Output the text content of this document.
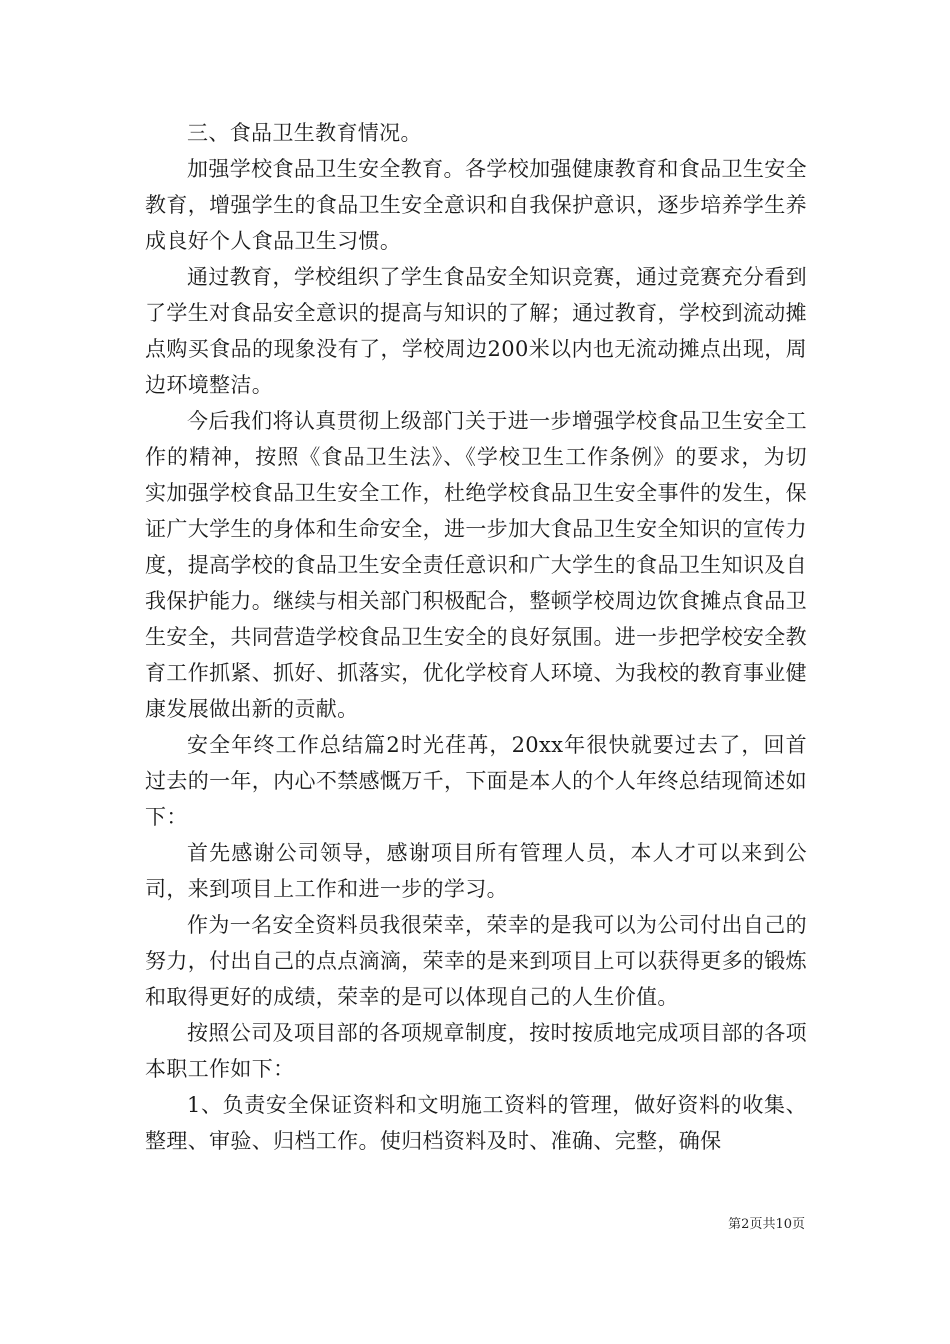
三、食品卫生教育情况。

加强学校食品卫生安全教育。各学校加强健康教育和食品卫生安全教育，增强学生的食品卫生安全意识和自我保护意识，逐步培养学生养成良好个人食品卫生习惯。

通过教育，学校组织了学生食品安全知识竞赛，通过竞赛充分看到了学生对食品安全意识的提高与知识的了解；通过教育，学校到流动摊点购买食品的现象没有了，学校周边200米以内也无流动摊点出现，周边环境整洁。

今后我们将认真贯彻上级部门关于进一步增强学校食品卫生安全工作的精神，按照《食品卫生法》、《学校卫生工作条例》的要求，为切实加强学校食品卫生安全工作，杜绝学校食品卫生安全事件的发生，保证广大学生的身体和生命安全，进一步加大食品卫生安全知识的宣传力度，提高学校的食品卫生安全责任意识和广大学生的食品卫生知识及自我保护能力。继续与相关部门积极配合，整顿学校周边饮食摊点食品卫生安全，共同营造学校食品卫生安全的良好氛围。进一步把学校安全教育工作抓紧、抓好、抓落实，优化学校育人环境、为我校的教育事业健康发展做出新的贡献。

安全年终工作总结篇2时光荏苒，20xx年很快就要过去了，回首过去的一年，内心不禁感慨万千，下面是本人的个人年终总结现简述如下：

首先感谢公司领导，感谢项目所有管理人员，本人才可以来到公司，来到项目上工作和进一步的学习。

作为一名安全资料员我很荣幸，荣幸的是我可以为公司付出自己的努力，付出自己的点点滴滴，荣幸的是来到项目上可以获得更多的锻炼和取得更好的成绩，荣幸的是可以体现自己的人生价值。

按照公司及项目部的各项规章制度，按时按质地完成项目部的各项本职工作如下：

1、负责安全保证资料和文明施工资料的管理，做好资料的收集、整理、审验、归档工作。使归档资料及时、准确、完整，确保

第2页共10页
